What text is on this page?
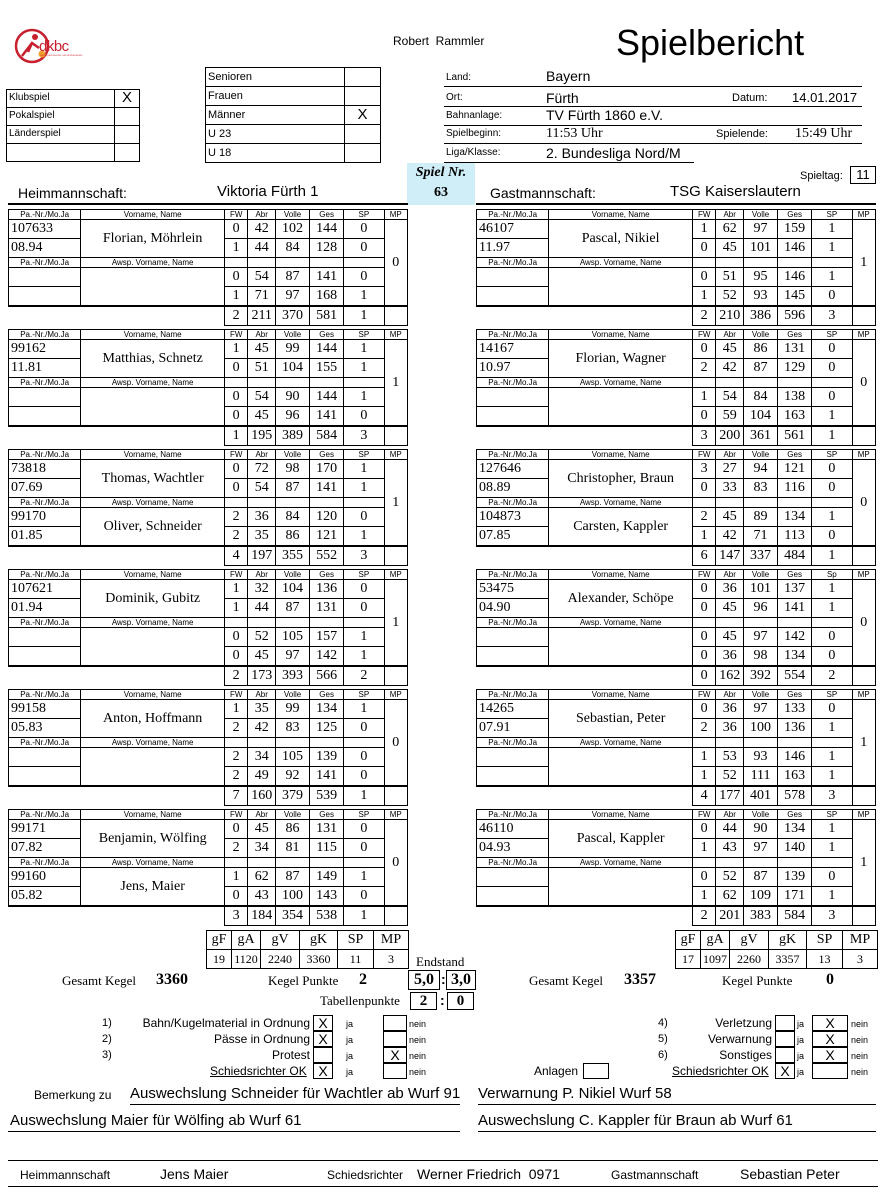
dkbc
DEUTSCHER KEGLER- UND BOWLINGBUND
Robert  Rammler	Spielbericht
Klubspiel	X
Pokalspiel
Länderspiel
Senioren
Frauen
Männer	X
U 23
U 18
Land:	Bayern
Ort:	Fürth	Datum: 14.01.2017
Bahnanlage:	TV Fürth 1860 e.V.
Spielbeginn:	11:53 Uhr	Spielende: 15:49 Uhr
Liga/Klasse:	2. Bundesliga Nord/M
Spieltag:	11
Spiel Nr.
63
Heimmannschaft:	Viktoria Fürth 1	Gastmannschaft:	TSG Kaiserslautern
Pa.-Nr./Mo.Ja	Vorname, Name	FW	Abr	Volle	Ges	SP	MP
107633	Florian, Möhrlein	0	42	102	144	0	0
08.94		1	44	84	128	0	
Pa.-Nr./Mo.Ja	Awsp. Vorname, Name						
		0	54	87	141	0	
		1	71	97	168	1	
		2	211	370	581	1	
Pa.-Nr./Mo.Ja	Vorname, Name	FW	Abr	Volle	Ges	SP	MP
46107	Pascal, Nikiel	1	62	97	159	1	1
11.97		0	45	101	146	1	
Pa.-Nr./Mo.Ja	Awsp. Vorname, Name						
		0	51	95	146	1	
		1	52	93	145	0	
		2	210	386	596	3	
Pa.-Nr./Mo.Ja	Vorname, Name	FW	Abr	Volle	Ges	SP	MP
99162	Matthias, Schnetz	1	45	99	144	1	1
11.81		0	51	104	155	1	
Pa.-Nr./Mo.Ja	Awsp. Vorname, Name						
		0	54	90	144	1	
		0	45	96	141	0	
		1	195	389	584	3	
Pa.-Nr./Mo.Ja	Vorname, Name	FW	Abr	Volle	Ges	SP	MP
14167	Florian, Wagner	0	45	86	131	0	0
10.97		2	42	87	129	0	
Pa.-Nr./Mo.Ja	Awsp. Vorname, Name						
		1	54	84	138	0	
		0	59	104	163	1	
		3	200	361	561	1	
Pa.-Nr./Mo.Ja	Vorname, Name	FW	Abr	Volle	Ges	SP	MP
73818	Thomas, Wachtler	0	72	98	170	1	1
07.69		0	54	87	141	1	
Pa.-Nr./Mo.Ja	Awsp. Vorname, Name						
99170	Oliver, Schneider	2	36	84	120	0	
01.85		2	35	86	121	1	
		4	197	355	552	3	
Pa.-Nr./Mo.Ja	Vorname, Name	FW	Abr	Volle	Ges	SP	MP
127646	Christopher, Braun	3	27	94	121	0	0
08.89		0	33	83	116	0	
Pa.-Nr./Mo.Ja	Awsp. Vorname, Name						
104873	Carsten, Kappler	2	45	89	134	1	
07.85		1	42	71	113	0	
		6	147	337	484	1	
Pa.-Nr./Mo.Ja	Vorname, Name	FW	Abr	Volle	Ges	SP	MP
107621	Dominik, Gubitz	1	32	104	136	0	1
01.94		1	44	87	131	0	
Pa.-Nr./Mo.Ja	Awsp. Vorname, Name						
		0	52	105	157	1	
		0	45	97	142	1	
		2	173	393	566	2	
Pa.-Nr./Mo.Ja	Vorname, Name	FW	Abr	Volle	Ges	Sp	MP
53475	Alexander, Schöpe	0	36	101	137	1	0
04.90		0	45	96	141	1	
Pa.-Nr./Mo.Ja	Awsp. Vorname, Name						
		0	45	97	142	0	
		0	36	98	134	0	
		0	162	392	554	2	
Pa.-Nr./Mo.Ja	Vorname, Name	FW	Abr	Volle	Ges	SP	MP
99158	Anton, Hoffmann	1	35	99	134	1	0
05.83		2	42	83	125	0	
Pa.-Nr./Mo.Ja	Awsp. Vorname, Name						
		2	34	105	139	0	
		2	49	92	141	0	
		7	160	379	539	1	
Pa.-Nr./Mo.Ja	Vorname, Name	FW	Abr	Volle	Ges	SP	MP
14265	Sebastian, Peter	0	36	97	133	0	1
07.91		2	36	100	136	1	
Pa.-Nr./Mo.Ja	Awsp. Vorname, Name						
		1	53	93	146	1	
		1	52	111	163	1	
		4	177	401	578	3	
Pa.-Nr./Mo.Ja	Vorname, Name	FW	Abr	Volle	Ges	SP	MP
99171	Benjamin, Wölfing	0	45	86	131	0	0
07.82		2	34	81	115	0	
Pa.-Nr./Mo.Ja	Awsp. Vorname, Name						
99160	Jens, Maier	1	62	87	149	1	
05.82		0	43	100	143	0	
		3	184	354	538	1	
Pa.-Nr./Mo.Ja	Vorname, Name	FW	Abr	Volle	Ges	SP	MP
46110	Pascal, Kappler	0	44	90	134	1	1
04.93		1	43	97	140	1	
Pa.-Nr./Mo.Ja	Awsp. Vorname, Name						
		0	52	87	139	0	
		1	62	109	171	1	
		2	201	383	584	3	
gF	gA	gV	gK	SP	MP
19	1120	2240	3360	11	3
gF	gA	gV	gK	SP	MP
17	1097	2260	3357	13	3
Gesamt Kegel 3360	Kegel Punkte 2
Endstand
5,0 : 3,0
Tabellenpunkte	2 : 0
Gesamt Kegel 3357	Kegel Punkte 0
1)	Bahn/Kugelmaterial in Ordnung X	ja	nein
2)	Pässe in Ordnung X	ja	nein
3)	Protest	ja	X	nein
Schiedsrichter OK X	ja	nein
4)	Verletzung	ja	X	nein
5)	Verwarnung	ja	X	nein
6)	Sonstiges	ja	X	nein
Anlagen	Schiedsrichter OK X ja	nein
Bemerkung zu Auswechslung Schneider für Wachtler ab Wurf 91 Verwarnung P. Nikiel Wurf 58
Auswechslung Maier für Wölfing ab Wurf 61	Auswechslung C. Kappler für Braun ab Wurf 61
Heimmannschaft	Jens Maier	Schiedsrichter Werner Friedrich  0971	Gastmannschaft	Sebastian Peter
